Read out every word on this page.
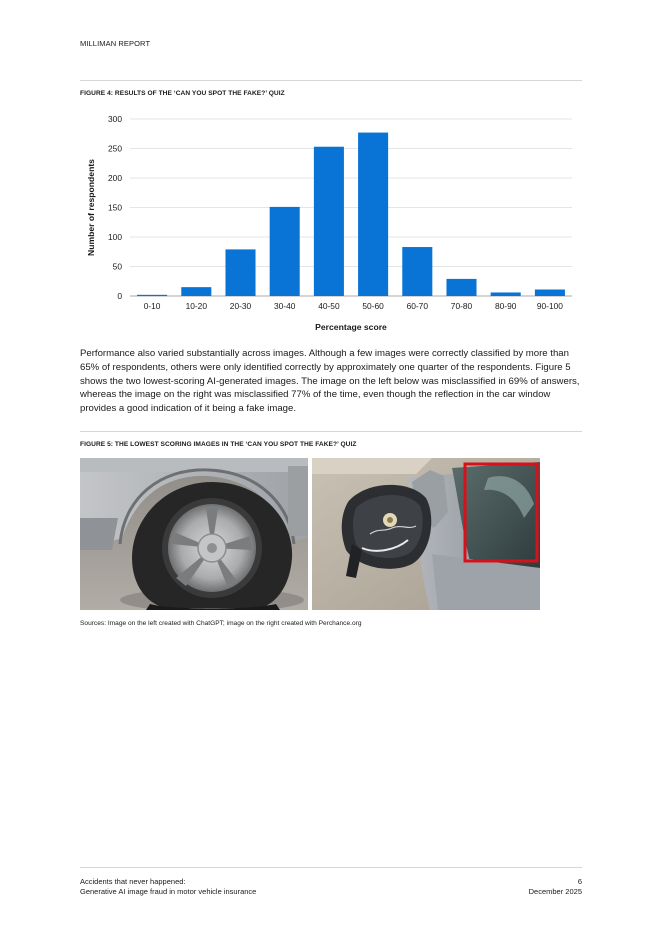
MILLIMAN REPORT
FIGURE 4: RESULTS OF THE ‘CAN YOU SPOT THE FAKE?’ QUIZ
0
50
100
150
200
250
300
0-10	10-20	20-30	30-40	40-50	50-60	60-70	70-80	80-90 90-100
Percentage score
Number of respondents

Performance also varied substantially across images. Although a few images were correctly classified by more than 65% of respondents, others were only identified correctly by approximately one quarter of the respondents. Figure 5 shows the two lowest-scoring AI-generated images. The image on the left below was misclassified in 69% of answers, whereas the image on the right was misclassified 77% of the time, even though the reflection in the car window provides a good indication of it being a fake image.

FIGURE 5: THE LOWEST SCORING IMAGES IN THE ‘CAN YOU SPOT THE FAKE?’ QUIZ
Sources: Image on the left created with ChatGPT; image on the right created with Perchance.org
Accidents that never happened:
Generative AI image fraud in motor vehicle insurance
6
December 2025
